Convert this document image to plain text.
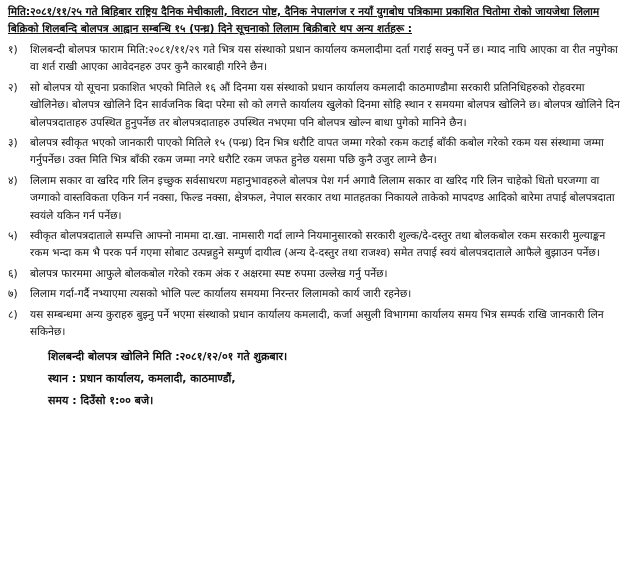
मिति:२०८१/११/२५ गते बिहिबार राष्ट्रिय दैनिक मेचीकाली, विराटन पोष्ट, दैनिक नेपालगंज र नयाँ युगबोध पत्रिकामा प्रकाशित चितोमा रोको जायजेथा लिलाम बिक्रिको शिलबन्दि बोलपत्र आह्वान सम्बन्धि १५ (पन्ध्र) दिने सूचनाको लिलाम बिक्रीबारे थप अन्य शर्तहरू :
१)	शिलबन्दी बोलपत्र फाराम मिति:२०८१/११/२९ गते भित्र यस संस्थाको प्रधान कार्यालय कमलादीमा दर्ता गराई सक्नु पर्ने छ। म्याद नाघि आएका वा रीत नपुगेका वा शर्त राखी आएका आवेदनहरु उपर कुनै कारबाही गरिने छैन।
२)	सो बोलपत्र यो सूचना प्रकाशित भएको मितिले १६ औं दिनमा यस संस्थाको प्रधान कार्यालय कमलादी काठमाण्डौमा सरकारी प्रतिनिधिहरुको रोहवरमा खोलिनेछ। बोलपत्र खोलिने दिन सार्वजनिक बिदा परेमा सो को लगत्ते कार्यालय खुलेको दिनमा सोहि स्थान र समयमा बोलपत्र खोलिने छ। बोलपत्र खोलिने दिन बोलपत्रदाताहरु उपस्थित हुनुपर्नेछ तर बोलपत्रदाताहरु उपस्थित नभएमा पनि बोलपत्र खोल्न बाधा पुगेको मानिने छैन।
३)	बोलपत्र स्वीकृत भएको जानकारी पाएको मितिले १५ (पन्ध्र) दिन भित्र धरौटि वापत जम्मा गरेको रकम कटाई बाँकी कबोल गरेको रकम यस संस्थामा जम्मा गर्नुपर्नेछ। उक्त मिति भित्र बाँकी रकम जम्मा नगरे धरौटि रकम जफत हुनेछ यसमा पछि कुनै उजुर लाग्ने छैन।
४)	लिलाम सकार वा खरिद गरि लिन इच्छुक सर्वसाधरण महानुभावहरुले बोलपत्र पेश गर्न अगावै लिलाम सकार वा खरिद गरि लिन चाहेको धितो घरजग्गा वा जग्गाको वास्तविकता एकिन गर्न नक्सा, फिल्ड नक्सा, क्षेत्रफल, नेपाल सरकार तथा मातहतका निकायले ताकेको मापदण्ड आदिको बारेमा तपाई बोलपत्रदाता स्वयंले यकिन गर्न पर्नेछ।
५)	स्वीकृत बोलपत्रदाताले सम्पत्ति आफ्नो नाममा दा.खा. नामसारी गर्दा लाग्ने नियमानुसारको सरकारी शुल्क/दे-दस्तुर तथा बोलकबोल रकम सरकारी मुल्याङ्कन रकम भन्दा कम भै परक पर्न गएमा सोबाट उत्पन्नहुने सम्पुर्ण दायीत्व (अन्य दे-दस्तुर तथा राजश्व) समेत तपाई स्वयं बोलपत्रदाताले आफैले बुझाउन पर्नेछ।
६)	बोलपत्र फारममा आफुले बोलकबोल गरेको रकम अंक र अक्षरमा स्पष्ट रुपमा उल्लेख गर्नु पर्नेछ।
७)	लिलाम गर्दा-गर्दै नभ्याएमा त्यसको भोलि पल्ट कार्यालय समयमा निरन्तर लिलामको कार्य जारी रहनेछ।
८)	यस सम्बन्धमा अन्य कुराहरु बुझ्नु पर्ने भएमा संस्थाको प्रधान कार्यालय कमलादी, कर्जा असुली विभागमा कार्यालय समय भित्र सम्पर्क राखि जानकारी लिन सकिनेछ।
शिलबन्दी बोलपत्र खोलिने मिति :२०८१/१२/०१ गते शुक्रबार।
स्थान : प्रधान कार्यालय, कमलादी, काठमाण्डौं,
समय : दिउँसो १:०० बजे।
